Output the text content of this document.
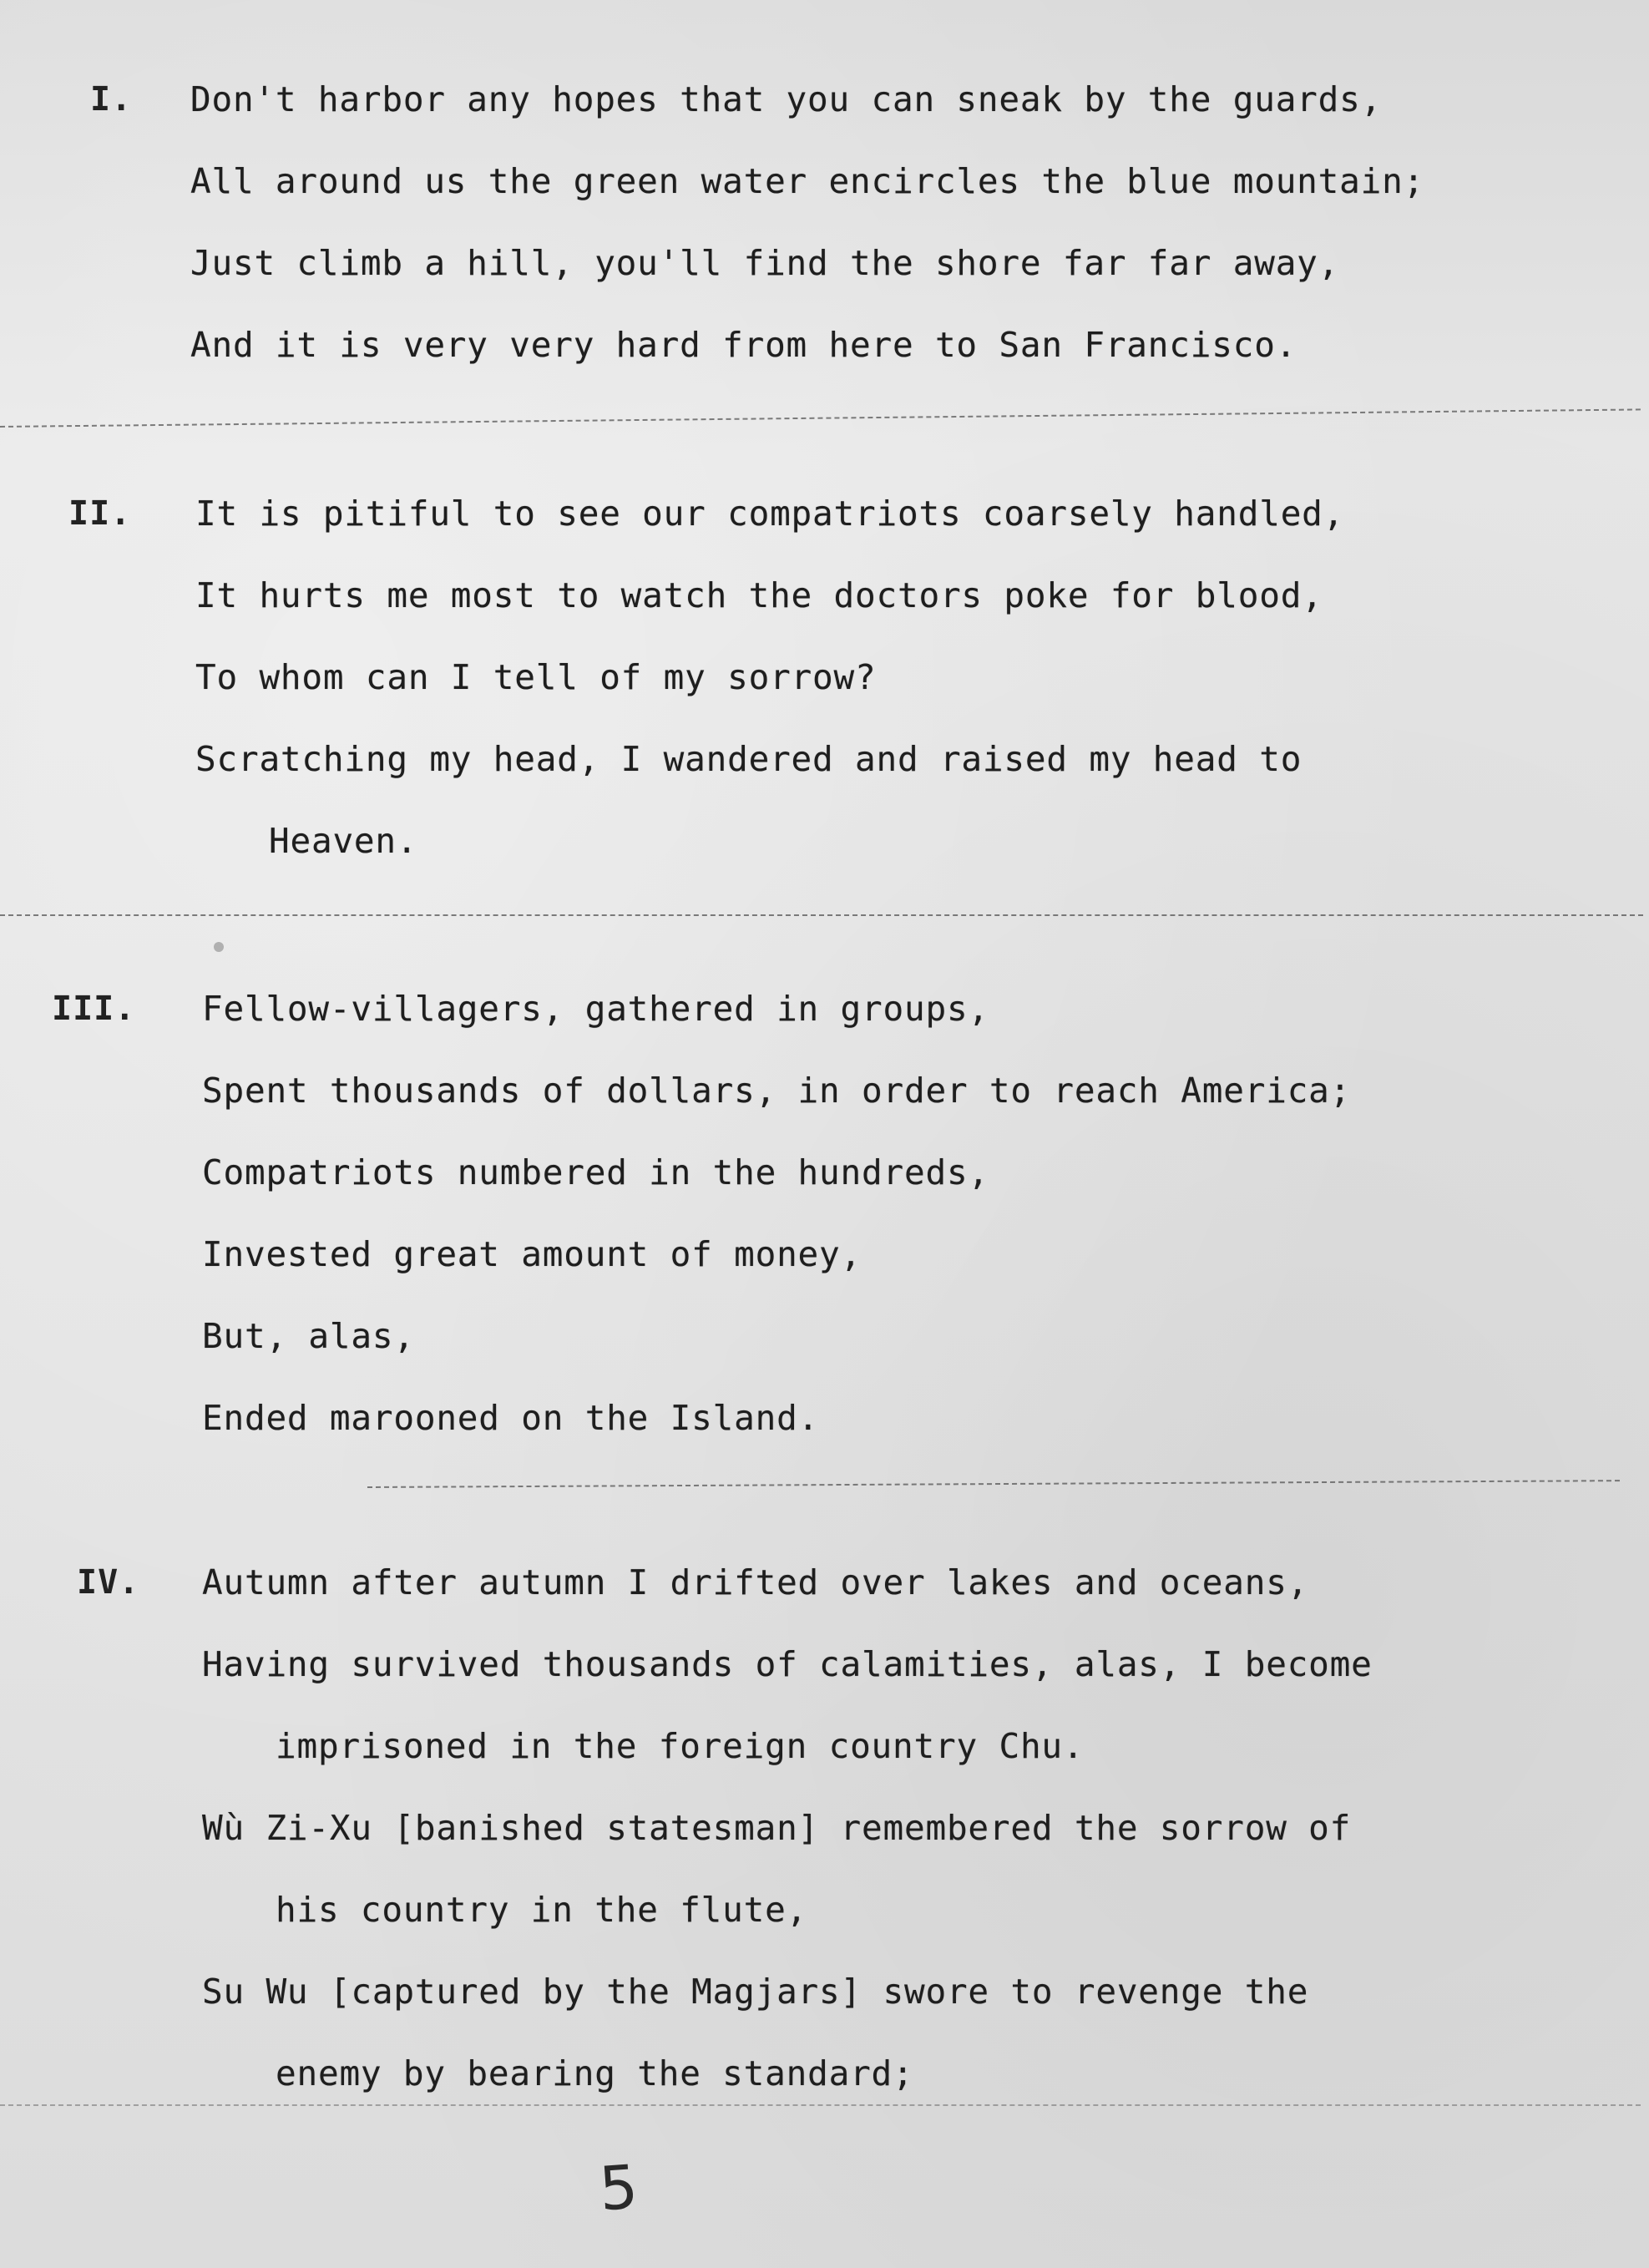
I. Don't harbor any hopes that you can sneak by the guards,
All around us the green water encircles the blue mountain;
Just climb a hill, you'll find the shore far far away,
And it is very very hard from here to San Francisco.
II. It is pitiful to see our compatriots coarsely handled,
It hurts me most to watch the doctors poke for blood,
To whom can I tell of my sorrow?
Scratching my head, I wandered and raised my head to
Heaven.
III. Fellow-villagers, gathered in groups,
Spent thousands of dollars, in order to reach America;
Compatriots numbered in the hundreds,
Invested great amount of money,
But, alas,
Ended marooned on the Island.
IV. Autumn after autumn I drifted over lakes and oceans,
Having survived thousands of calamities, alas, I become
imprisoned in the foreign country Chu.
Wù Zi-Xu [banished statesman] remembered the sorrow of
his country in the flute,
Su Wu [captured by the Magjars] swore to revenge the
enemy by bearing the standard;
5
